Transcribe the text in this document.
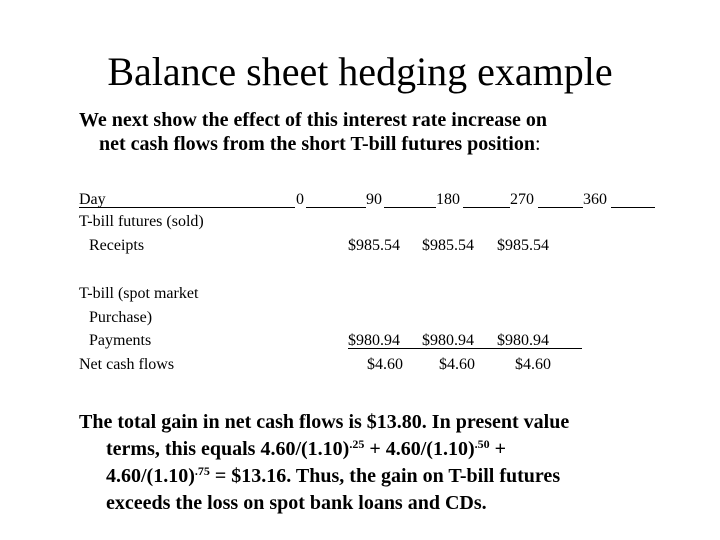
Balance sheet hedging example
We next show the effect of this interest rate increase on
net cash flows from the short T-bill futures position:
Day	0	90	180	270	360
T-bill futures (sold)
Receipts	$985.54 $985.54 $985.54
T-bill (spot market
Purchase)
Payments	$980.94 $980.94 $980.94
Net cash flows	$4.60 $4.60	$4.60
The total gain in net cash flows is $13.80. In present value
terms, this equals $4.60/(1.10)^{.25} + 4.60/(1.10)^{.50}$ +
$4.60/(1.10)^{.75}$ = $13.16. Thus, the gain on T-bill futures
exceeds the loss on spot bank loans and CDs.
